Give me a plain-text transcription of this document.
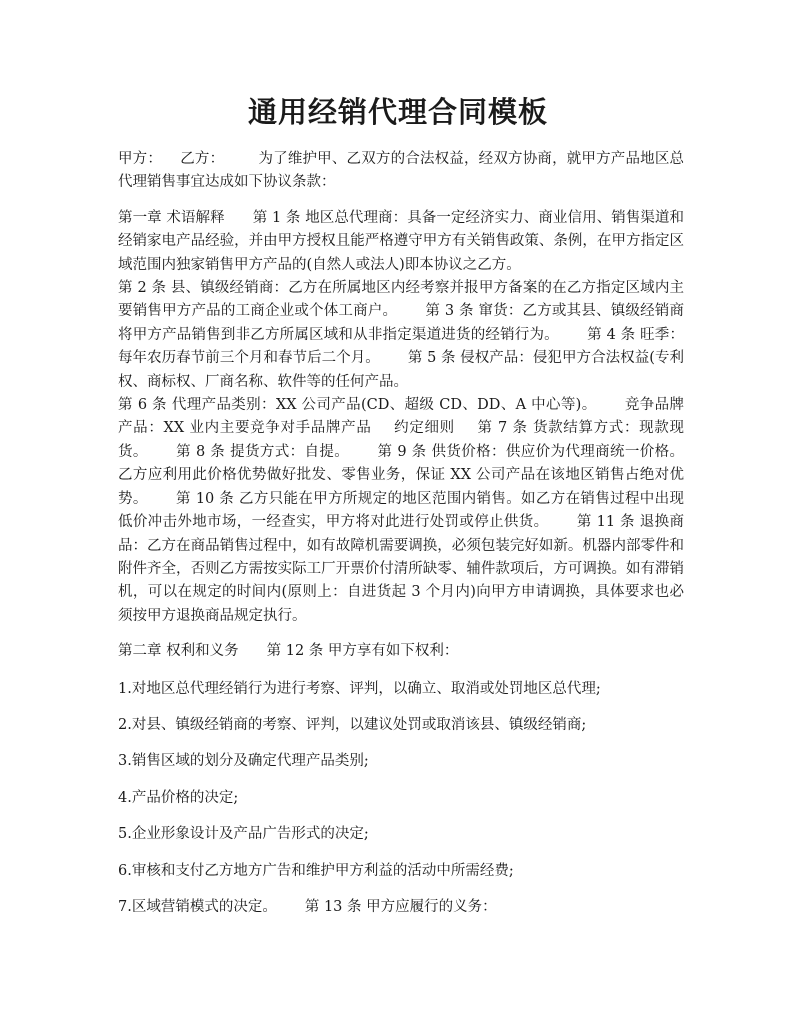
通用经销代理合同模板

甲方： 乙方： 为了维护甲、乙双方的合法权益，经双方协商，就甲方产品地区总代理销售事宜达成如下协议条款：

第一章 术语解释 第 1 条 地区总代理商：具备一定经济实力、商业信用、销售渠道和经销家电产品经验，并由甲方授权且能严格遵守甲方有关销售政策、条例，在甲方指定区域范围内独家销售甲方产品的(自然人或法人)即本协议之乙方。
第 2 条 县、镇级经销商：乙方在所属地区内经考察并报甲方备案的在乙方指定区域内主要销售甲方产品的工商企业或个体工商户。 第 3 条 窜货：乙方或其县、镇级经销商将甲方产品销售到非乙方所属区域和从非指定渠道进货的经销行为。 第 4 条 旺季：每年农历春节前三个月和春节后二个月。 第 5 条 侵权产品：侵犯甲方合法权益(专利权、商标权、厂商名称、软件等的任何产品。
第 6 条 代理产品类别：XX 公司产品(CD、超级 CD、DD、A 中心等)。 竞争品牌产品：XX 业内主要竞争对手品牌产品 约定细则 第 7 条 货款结算方式：现款现货。 第 8 条 提货方式：自提。 第 9 条 供货价格：供应价为代理商统一价格。乙方应利用此价格优势做好批发、零售业务，保证 XX 公司产品在该地区销售占绝对优势。 第 10 条 乙方只能在甲方所规定的地区范围内销售。如乙方在销售过程中出现低价冲击外地市场，一经查实，甲方将对此进行处罚或停止供货。 第 11 条 退换商品：乙方在商品销售过程中，如有故障机需要调换，必须包装完好如新。机器内部零件和附件齐全，否则乙方需按实际工厂开票价付清所缺零、辅件款项后，方可调换。如有滞销机，可以在规定的时间内(原则上：自进货起 3 个月内)向甲方申请调换，具体要求也必须按甲方退换商品规定执行。

第二章 权利和义务 第 12 条 甲方享有如下权利：

1.对地区总代理经销行为进行考察、评判，以确立、取消或处罚地区总代理;

2.对县、镇级经销商的考察、评判，以建议处罚或取消该县、镇级经销商;

3.销售区域的划分及确定代理产品类别;

4.产品价格的决定;

5.企业形象设计及产品广告形式的决定;

6.审核和支付乙方地方广告和维护甲方利益的活动中所需经费;

7.区域营销模式的决定。 第 13 条 甲方应履行的义务：
